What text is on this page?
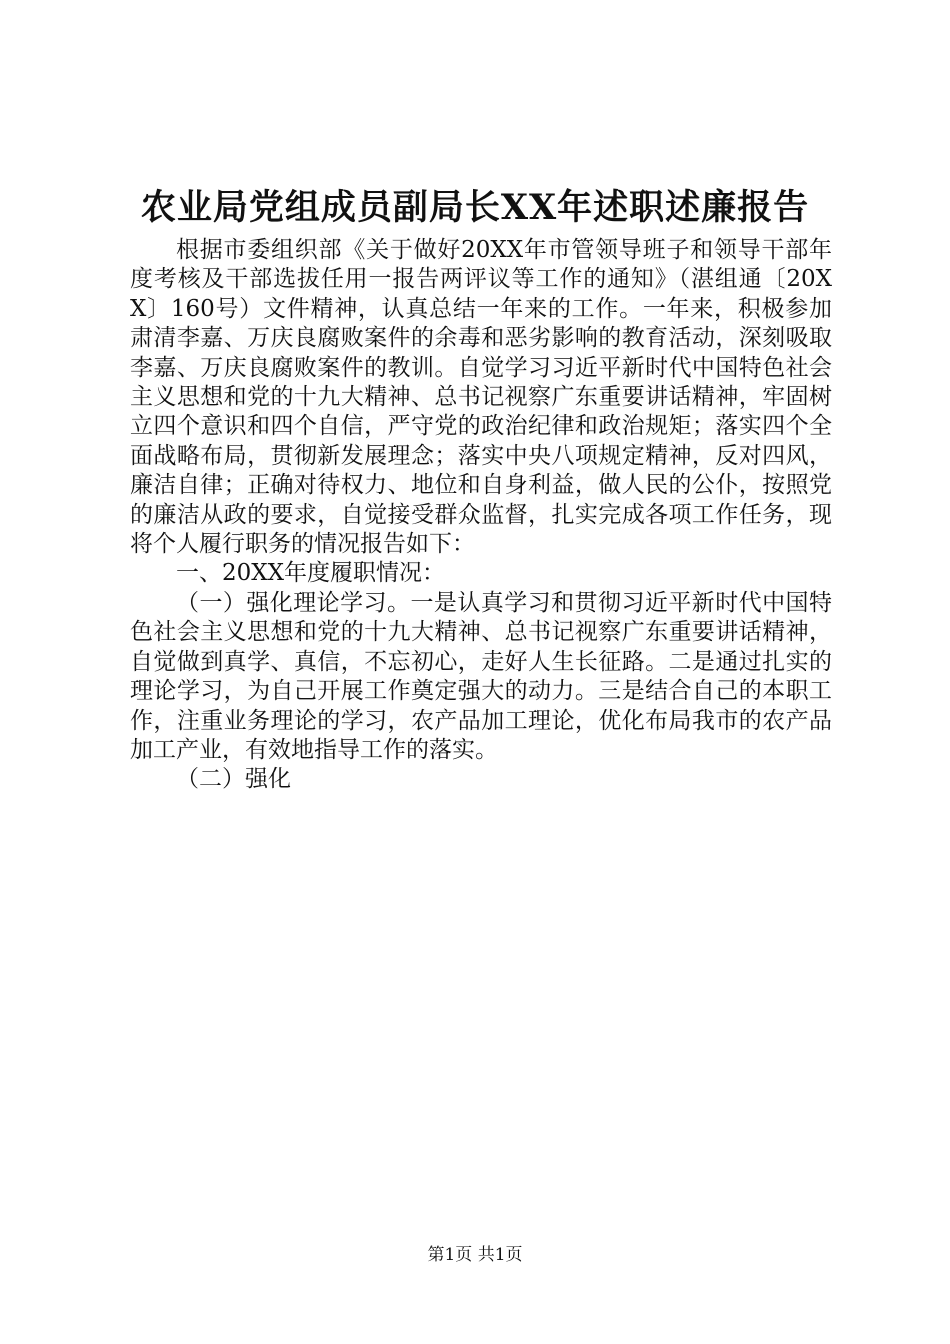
农业局党组成员副局长XX年述职述廉报告

根据市委组织部《关于做好20XX年市管领导班子和领导干部年度考核及干部选拔任用一报告两评议等工作的通知》（湛组通〔20XX〕160号）文件精神，认真总结一年来的工作。一年来，积极参加肃清李嘉、万庆良腐败案件的余毒和恶劣影响的教育活动，深刻吸取李嘉、万庆良腐败案件的教训。自觉学习习近平新时代中国特色社会主义思想和党的十九大精神、总书记视察广东重要讲话精神，牢固树立四个意识和四个自信，严守党的政治纪律和政治规矩；落实四个全面战略布局，贯彻新发展理念；落实中央八项规定精神，反对四风，廉洁自律；正确对待权力、地位和自身利益，做人民的公仆，按照党的廉洁从政的要求，自觉接受群众监督，扎实完成各项工作任务，现将个人履行职务的情况报告如下：

一、20XX年度履职情况：

（一）强化理论学习。一是认真学习和贯彻习近平新时代中国特色社会主义思想和党的十九大精神、总书记视察广东重要讲话精神，自觉做到真学、真信，不忘初心，走好人生长征路。二是通过扎实的理论学习，为自己开展工作奠定强大的动力。三是结合自己的本职工作，注重业务理论的学习，农产品加工理论，优化布局我市的农产品加工产业，有效地指导工作的落实。

（二）强化

第1页 共1页
